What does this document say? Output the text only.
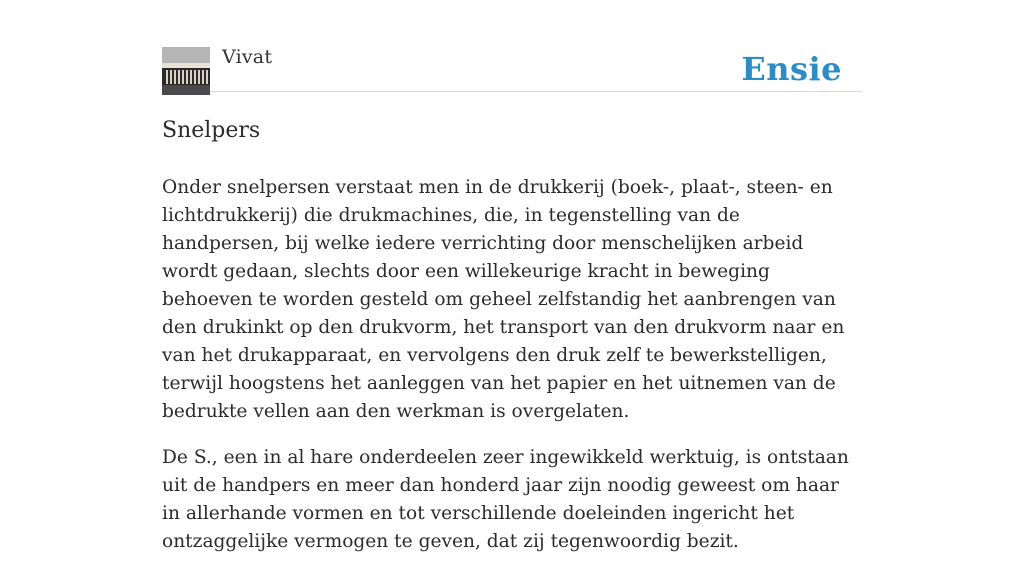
Vivat	Ensie
Snelpers

Onder snelpersen verstaat men in de drukkerij (boek-, plaat-, steen- en lichtdrukkerij) die drukmachines, die, in tegenstelling van de handpersen, bij welke iedere verrichting door menschelijken arbeid wordt gedaan, slechts door een willekeurige kracht in beweging behoeven te worden gesteld om geheel zelfstandig het aanbrengen van den drukinkt op den drukvorm, het transport van den drukvorm naar en van het drukapparaat, en vervolgens den druk zelf te bewerkstelligen, terwijl hoogstens het aanleggen van het papier en het uitnemen van de bedrukte vellen aan den werkman is overgelaten.

De S., een in al hare onderdeelen zeer ingewikkeld werktuig, is ontstaan uit de handpers en meer dan honderd jaar zijn noodig geweest om haar in allerhande vormen en tot verschillende doeleinden ingericht het ontzaggelijke vermogen te geven, dat zij tegenwoordig bezit.
